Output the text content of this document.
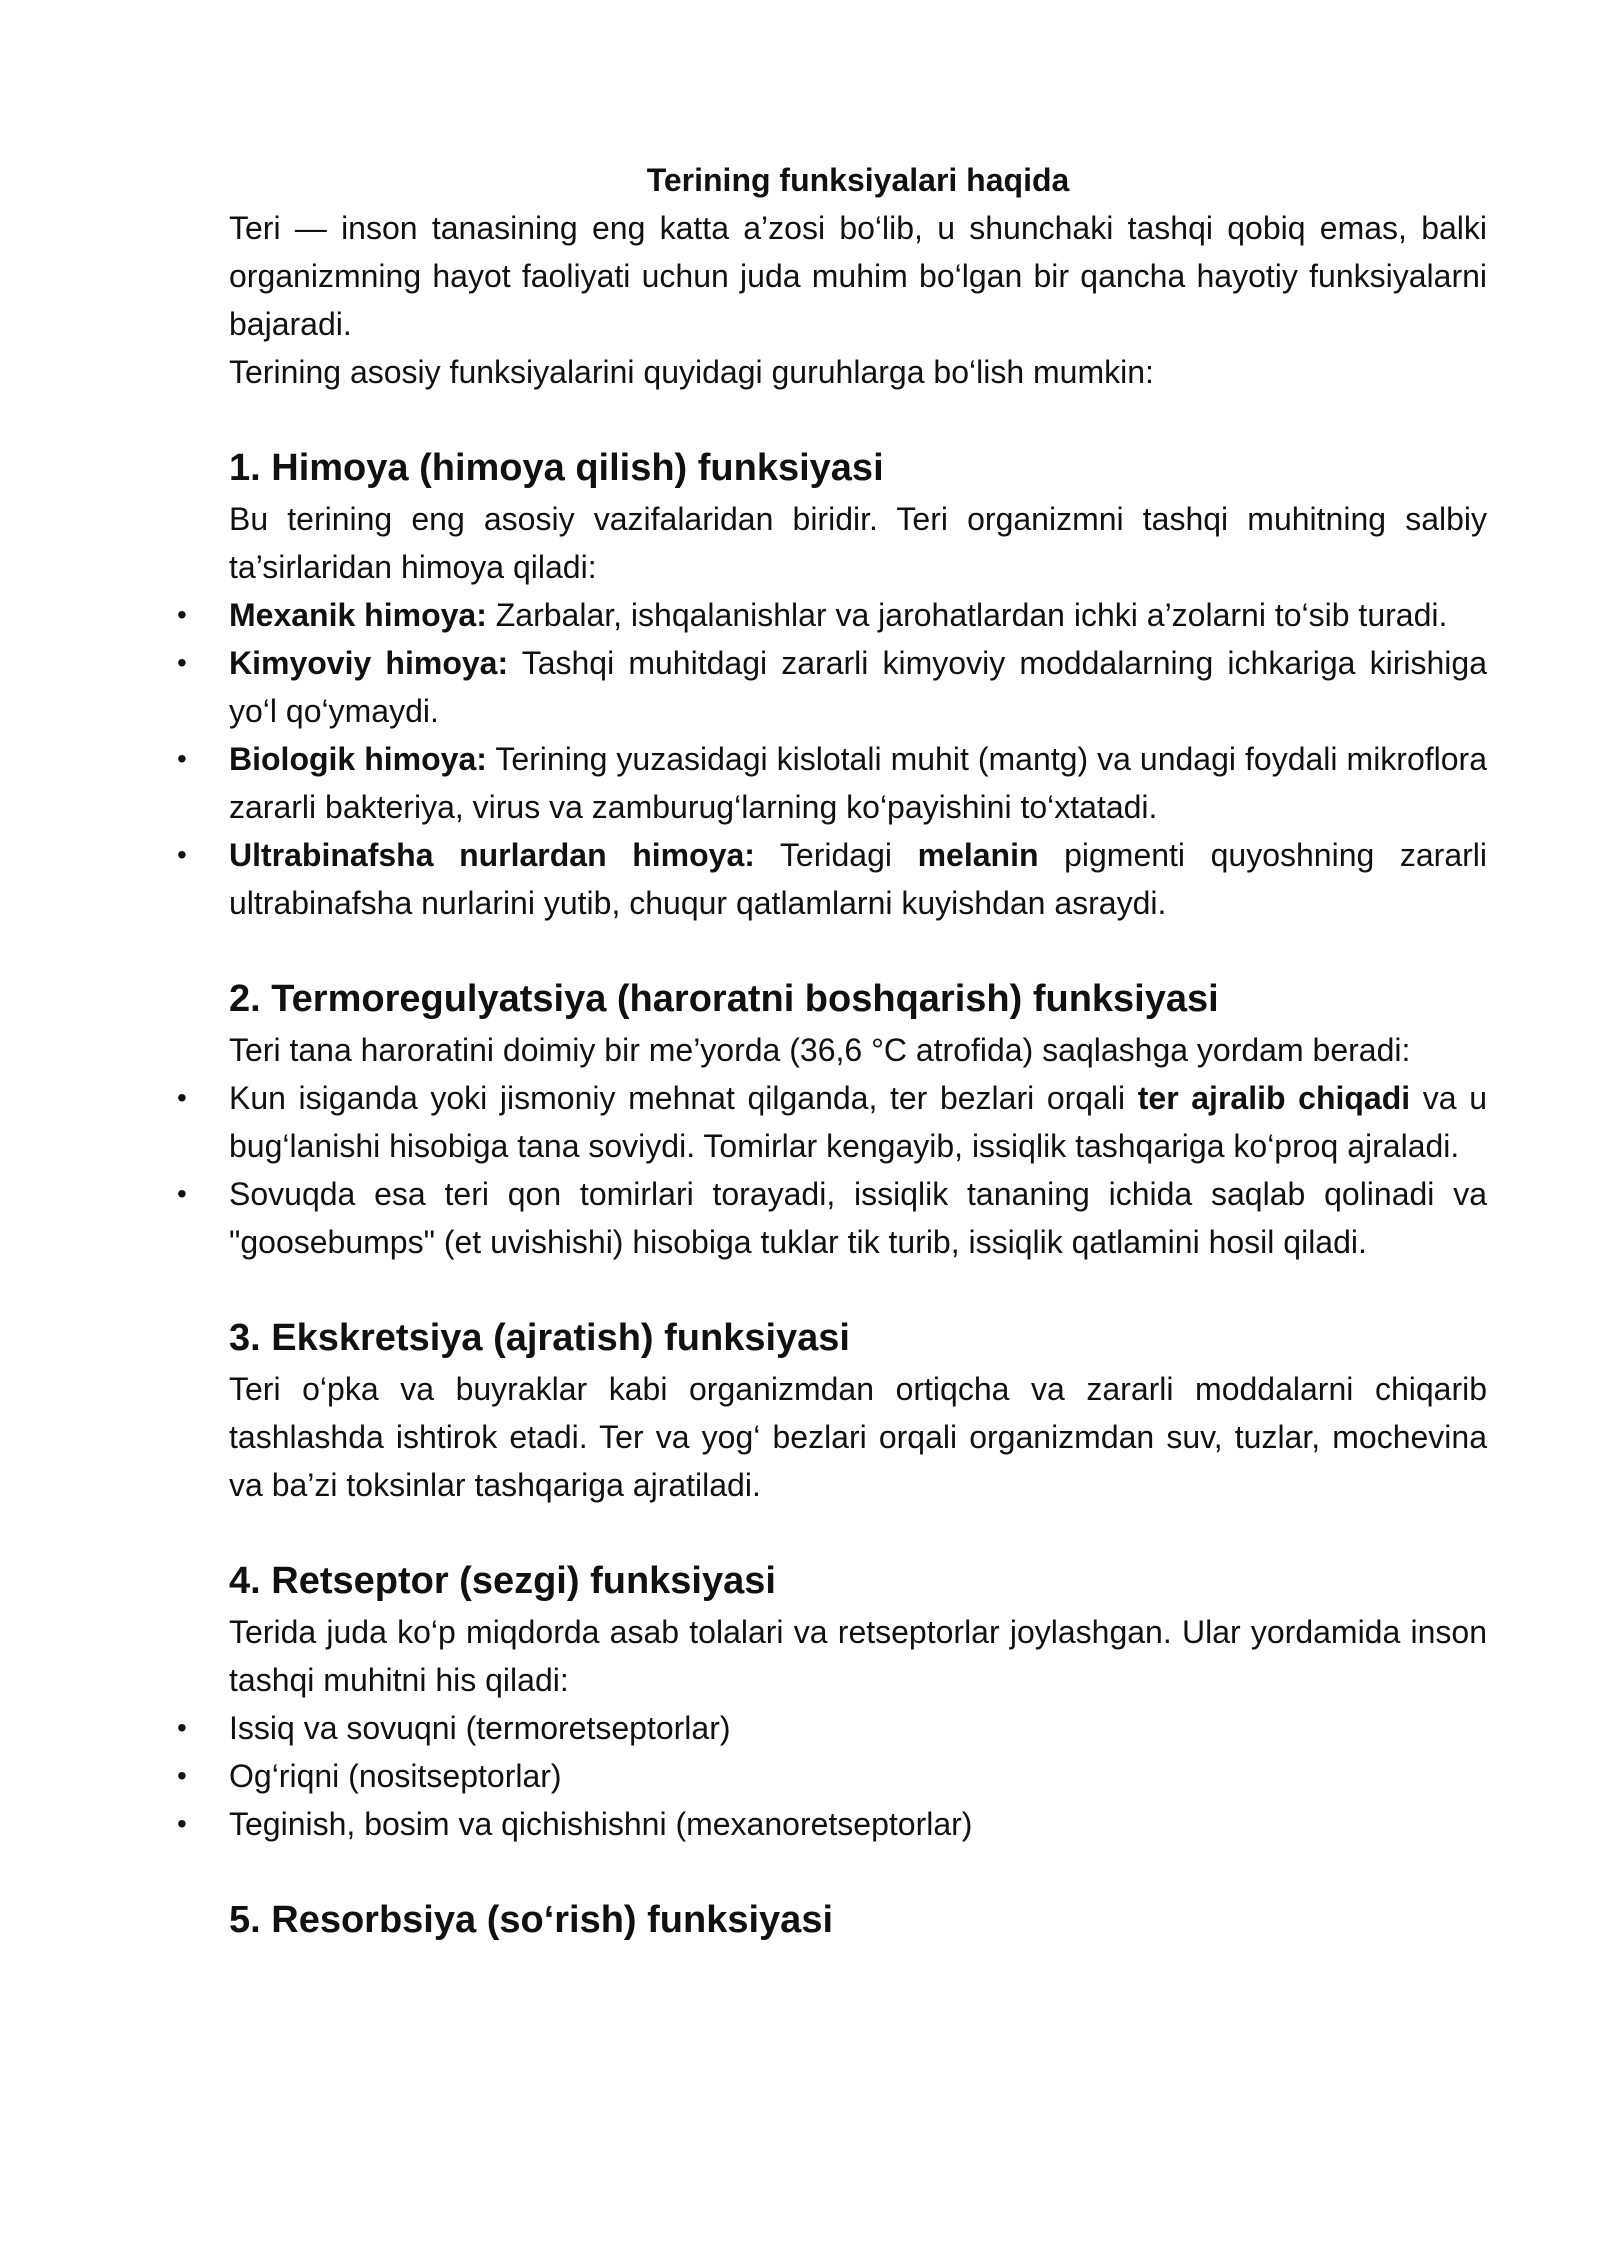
Terining funksiyalari haqida

Teri — inson tanasining eng katta a’zosi bo‘lib, u shunchaki tashqi qobiq emas, balki organizmning hayot faoliyati uchun juda muhim bo‘lgan bir qancha hayotiy funksiyalarni bajaradi.

Terining asosiy funksiyalarini quyidagi guruhlarga bo‘lish mumkin:

1. Himoya (himoya qilish) funksiyasi

Bu terining eng asosiy vazifalaridan biridir. Teri organizmni tashqi muhitning salbiy ta’sirlaridan himoya qiladi:

• Mexanik himoya: Zarbalar, ishqalanishlar va jarohatlardan ichki a’zolarni to‘sib turadi.
• Kimyoviy himoya: Tashqi muhitdagi zararli kimyoviy moddalarning ichkariga kirishiga yo‘l qo‘ymaydi.
• Biologik himoya: Terining yuzasidagi kislotali muhit (mantg) va undagi foydali mikroflora zararli bakteriya, virus va zamburug‘larning ko‘payishini to‘xtatadi.
• Ultrabinafsha nurlardan himoya: Teridagi melanin pigmenti quyoshning zararli ultrabinafsha nurlarini yutib, chuqur qatlamlarni kuyishdan asraydi.
2. Termoregulyatsiya (haroratni boshqarish) funksiyasi

Teri tana haroratini doimiy bir me’yorda (36,6 °C atrofida) saqlashga yordam beradi:

• Kun isiganda yoki jismoniy mehnat qilganda, ter bezlari orqali ter ajralib chiqadi va u bug‘lanishi hisobiga tana soviydi. Tomirlar kengayib, issiqlik tashqariga ko‘proq ajraladi.
• Sovuqda esa teri qon tomirlari torayadi, issiqlik tananing ichida saqlab qolinadi va "goosebumps" (et uvishishi) hisobiga tuklar tik turib, issiqlik qatlamini hosil qiladi.
3. Ekskretsiya (ajratish) funksiyasi

Teri o‘pka va buyraklar kabi organizmdan ortiqcha va zararli moddalarni chiqarib tashlashda ishtirok etadi. Ter va yog‘ bezlari orqali organizmdan suv, tuzlar, mochevina va ba’zi toksinlar tashqariga ajratiladi.

4. Retseptor (sezgi) funksiyasi

Terida juda ko‘p miqdorda asab tolalari va retseptorlar joylashgan. Ular yordamida inson tashqi muhitni his qiladi:

• Issiq va sovuqni (termoretseptorlar)
• Og‘riqni (nositseptorlar)
• Teginish, bosim va qichishishni (mexanoretseptorlar)
5. Resorbsiya (so‘rish) funksiyasi
